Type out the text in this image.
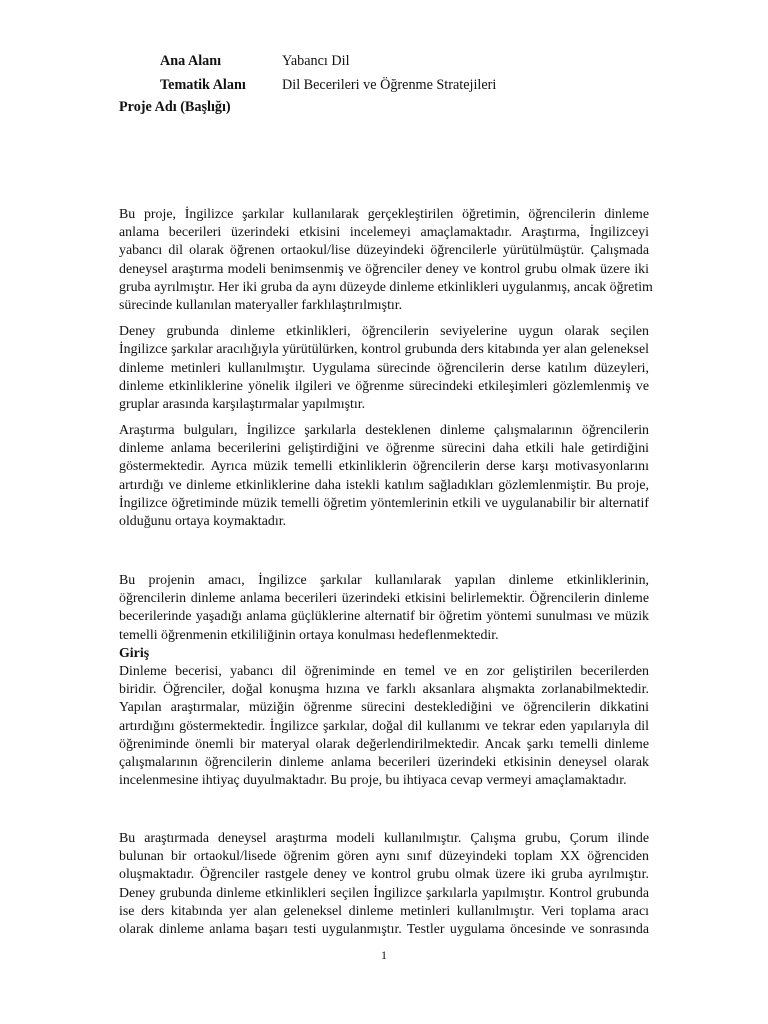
Ana Alanı	Yabancı Dil
Tematik Alanı	Dil Becerileri ve Öğrenme Stratejileri
Proje Adı (Başlığı)

Bu proje, İngilizce şarkılar kullanılarak gerçekleştirilen öğretimin, öğrencilerin dinleme
anlama becerileri üzerindeki etkisini incelemeyi amaçlamaktadır. Araştırma, İngilizceyi
yabancı dil olarak öğrenen ortaokul/lise düzeyindeki öğrencilerle yürütülmüştür. Çalışmada
deneysel araştırma modeli benimsenmiş ve öğrenciler deney ve kontrol grubu olmak üzere iki
gruba ayrılmıştır. Her iki gruba da aynı düzeyde dinleme etkinlikleri uygulanmış, ancak öğretim
sürecinde kullanılan materyaller farklılaştırılmıştır.

Deney grubunda dinleme etkinlikleri, öğrencilerin seviyelerine uygun olarak seçilen
İngilizce şarkılar aracılığıyla yürütülürken, kontrol grubunda ders kitabında yer alan geleneksel
dinleme metinleri kullanılmıştır. Uygulama sürecinde öğrencilerin derse katılım düzeyleri,
dinleme etkinliklerine yönelik ilgileri ve öğrenme sürecindeki etkileşimleri gözlemlenmiş ve
gruplar arasında karşılaştırmalar yapılmıştır.

Araştırma bulguları, İngilizce şarkılarla desteklenen dinleme çalışmalarının öğrencilerin
dinleme anlama becerilerini geliştirdiğini ve öğrenme sürecini daha etkili hale getirdiğini
göstermektedir. Ayrıca müzik temelli etkinliklerin öğrencilerin derse karşı motivasyonlarını
artırdığı ve dinleme etkinliklerine daha istekli katılım sağladıkları gözlemlenmiştir. Bu proje,
İngilizce öğretiminde müzik temelli öğretim yöntemlerinin etkili ve uygulanabilir bir alternatif
olduğunu ortaya koymaktadır.

Bu projenin amacı, İngilizce şarkılar kullanılarak yapılan dinleme etkinliklerinin,
öğrencilerin dinleme anlama becerileri üzerindeki etkisini belirlemektir. Öğrencilerin dinleme
becerilerinde yaşadığı anlama güçlüklerine alternatif bir öğretim yöntemi sunulması ve müzik
temelli öğrenmenin etkililiğinin ortaya konulması hedeflenmektedir.

Giriş

Dinleme becerisi, yabancı dil öğreniminde en temel ve en zor geliştirilen becerilerden
biridir. Öğrenciler, doğal konuşma hızına ve farklı aksanlara alışmakta zorlanabilmektedir.
Yapılan araştırmalar, müziğin öğrenme sürecini desteklediğini ve öğrencilerin dikkatini
artırdığını göstermektedir. İngilizce şarkılar, doğal dil kullanımı ve tekrar eden yapılarıyla dil
öğreniminde önemli bir materyal olarak değerlendirilmektedir. Ancak şarkı temelli dinleme
çalışmalarının öğrencilerin dinleme anlama becerileri üzerindeki etkisinin deneysel olarak
incelenmesine ihtiyaç duyulmaktadır. Bu proje, bu ihtiyaca cevap vermeyi amaçlamaktadır.

Bu araştırmada deneysel araştırma modeli kullanılmıştır. Çalışma grubu, Çorum ilinde
bulunan bir ortaokul/lisede öğrenim gören aynı sınıf düzeyindeki toplam XX öğrenciden
oluşmaktadır. Öğrenciler rastgele deney ve kontrol grubu olmak üzere iki gruba ayrılmıştır.
Deney grubunda dinleme etkinlikleri seçilen İngilizce şarkılarla yapılmıştır. Kontrol grubunda
ise ders kitabında yer alan geleneksel dinleme metinleri kullanılmıştır. Veri toplama aracı
olarak dinleme anlama başarı testi uygulanmıştır. Testler uygulama öncesinde ve sonrasında

1
